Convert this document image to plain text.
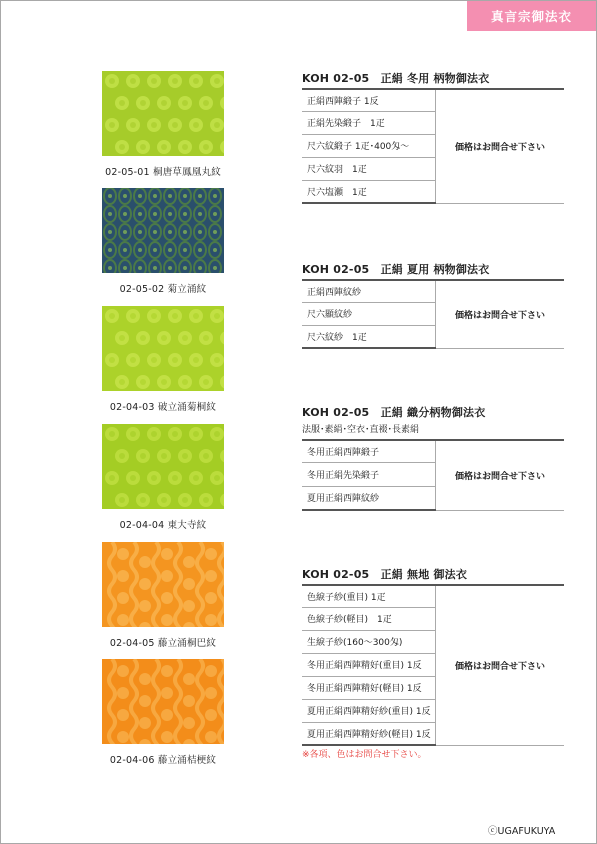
真言宗御法衣
02-05-01 桐唐草鳳凰丸紋
02-05-02 菊立涌紋
02-04-03 破立涌菊桐紋
02-04-04 東大寺紋
02-04-05 藤立涌桐巴紋
02-04-06 藤立涌桔梗紋
KOH 02-05　正絹 冬用 柄物御法衣
正絹西陣緞子 1反	価格はお問合せ下さい
正絹先染緞子　1疋
尺六紋緞子 1疋･400匁～
尺六紋羽　1疋
尺六塩瀬　1疋
KOH 02-05　正絹 夏用 柄物御法衣
正絹西陣紋紗	価格はお問合せ下さい
尺六顯紋紗
尺六紋紗　1疋
KOH 02-05　正絹 織分柄物御法衣
法服･素絹･空衣･直裰･長素絹
冬用正絹西陣緞子	価格はお問合せ下さい
冬用正絹先染緞子
夏用正絹西陣紋紗
KOH 02-05　正絹 無地 御法衣
色綟子紗(重目) 1疋	価格はお問合せ下さい
色綟子紗(軽目)　1疋
生綟子紗(160～300匁)
冬用正絹西陣精好(重目) 1反
冬用正絹西陣精好(軽目) 1反
夏用正絹西陣精好紗(重目) 1反
夏用正絹西陣精好紗(軽目) 1反
※各項、色はお問合せ下さい。
ⓒUGAFUKUYA
